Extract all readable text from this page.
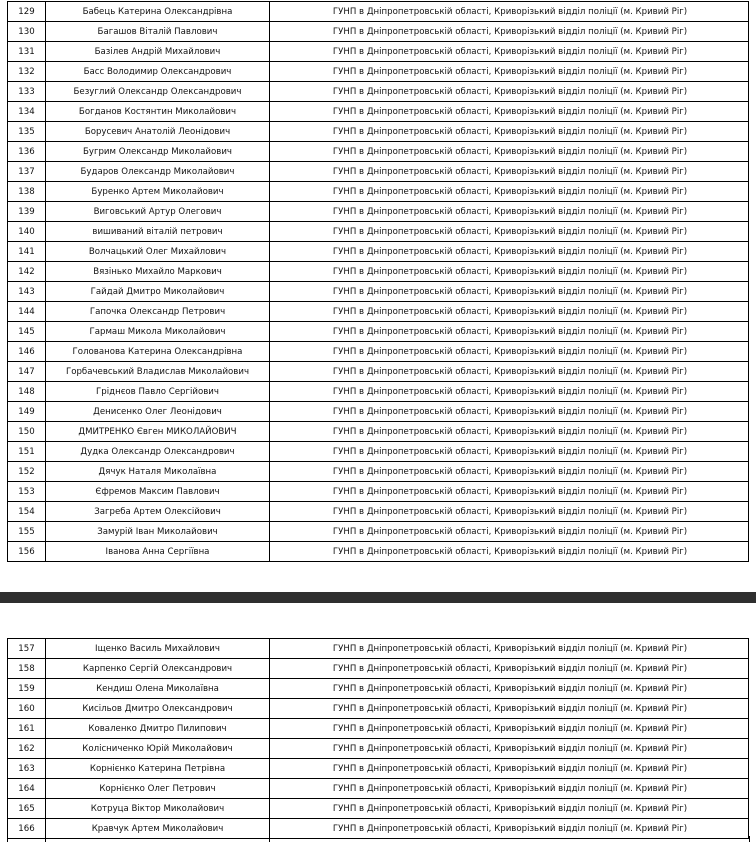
129	Бабець Катерина Олександрівна	ГУНП в Дніпропетровській області, Криворізький відділ поліції (м. Кривий Ріг)
130	Багашов Віталій Павлович	ГУНП в Дніпропетровській області, Криворізький відділ поліції (м. Кривий Ріг)
131	Базілев Андрій Михайлович	ГУНП в Дніпропетровській області, Криворізький відділ поліції (м. Кривий Ріг)
132	Басс Володимир Олександрович	ГУНП в Дніпропетровській області, Криворізький відділ поліції (м. Кривий Ріг)
133	Безуглий Олександр Олександрович	ГУНП в Дніпропетровській області, Криворізький відділ поліції (м. Кривий Ріг)
134	Богданов Костянтин Миколайович	ГУНП в Дніпропетровській області, Криворізький відділ поліції (м. Кривий Ріг)
135	Борусевич Анатолій Леонідович	ГУНП в Дніпропетровській області, Криворізький відділ поліції (м. Кривий Ріг)
136	Бугрим Олександр Миколайович	ГУНП в Дніпропетровській області, Криворізький відділ поліції (м. Кривий Ріг)
137	Бударов Олександр Миколайович	ГУНП в Дніпропетровській області, Криворізький відділ поліції (м. Кривий Ріг)
138	Буренко Артем Миколайович	ГУНП в Дніпропетровській області, Криворізький відділ поліції (м. Кривий Ріг)
139	Виговський Артур Олегович	ГУНП в Дніпропетровській області, Криворізький відділ поліції (м. Кривий Ріг)
140	вишиваний віталій петрович	ГУНП в Дніпропетровській області, Криворізький відділ поліції (м. Кривий Ріг)
141	Волчацький Олег Михайлович	ГУНП в Дніпропетровській області, Криворізький відділ поліції (м. Кривий Ріг)
142	Вязінько Михайло Маркович	ГУНП в Дніпропетровській області, Криворізький відділ поліції (м. Кривий Ріг)
143	Гайдай Дмитро Миколайович	ГУНП в Дніпропетровській області, Криворізький відділ поліції (м. Кривий Ріг)
144	Гапочка Олександр Петрович	ГУНП в Дніпропетровській області, Криворізький відділ поліції (м. Кривий Ріг)
145	Гармаш Микола Миколайович	ГУНП в Дніпропетровській області, Криворізький відділ поліції (м. Кривий Ріг)
146	Голованова Катерина Олександрівна	ГУНП в Дніпропетровській області, Криворізький відділ поліції (м. Кривий Ріг)
147	Горбачевський Владислав Миколайович	ГУНП в Дніпропетровській області, Криворізький відділ поліції (м. Кривий Ріг)
148	Гріднєов Павло Сергійович	ГУНП в Дніпропетровській області, Криворізький відділ поліції (м. Кривий Ріг)
149	Денисенко Олег Леонідович	ГУНП в Дніпропетровській області, Криворізький відділ поліції (м. Кривий Ріг)
150	ДМИТРЕНКО Євген МИКОЛАЙОВИЧ	ГУНП в Дніпропетровській області, Криворізький відділ поліції (м. Кривий Ріг)
151	Дудка Олександр Олександрович	ГУНП в Дніпропетровській області, Криворізький відділ поліції (м. Кривий Ріг)
152	Дячук Наталя Миколаївна	ГУНП в Дніпропетровській області, Криворізький відділ поліції (м. Кривий Ріг)
153	Єфремов Максим Павлович	ГУНП в Дніпропетровській області, Криворізький відділ поліції (м. Кривий Ріг)
154	Загреба Артем Олексійович	ГУНП в Дніпропетровській області, Криворізький відділ поліції (м. Кривий Ріг)
155	Замурій Іван Миколайович	ГУНП в Дніпропетровській області, Криворізький відділ поліції (м. Кривий Ріг)
156	Іванова Анна Сергіївна	ГУНП в Дніпропетровській області, Криворізький відділ поліції (м. Кривий Ріг)
157	Іщенко Василь Михайлович	ГУНП в Дніпропетровській області, Криворізький відділ поліції (м. Кривий Ріг)
158	Карпенко Сергій Олександрович	ГУНП в Дніпропетровській області, Криворізький відділ поліції (м. Кривий Ріг)
159	Кендиш Олена Миколаївна	ГУНП в Дніпропетровській області, Криворізький відділ поліції (м. Кривий Ріг)
160	Кисільов Дмитро Олександрович	ГУНП в Дніпропетровській області, Криворізький відділ поліції (м. Кривий Ріг)
161	Коваленко Дмитро Пилипович	ГУНП в Дніпропетровській області, Криворізький відділ поліції (м. Кривий Ріг)
162	Колісниченко Юрій Миколайович	ГУНП в Дніпропетровській області, Криворізький відділ поліції (м. Кривий Ріг)
163	Корнієнко Катерина Петрівна	ГУНП в Дніпропетровській області, Криворізький відділ поліції (м. Кривий Ріг)
164	Корнієнко Олег Петрович	ГУНП в Дніпропетровській області, Криворізький відділ поліції (м. Кривий Ріг)
165	Котруца Віктор Миколайович	ГУНП в Дніпропетровській області, Криворізький відділ поліції (м. Кривий Ріг)
166	Кравчук Артем Миколайович	ГУНП в Дніпропетровській області, Криворізький відділ поліції (м. Кривий Ріг)
